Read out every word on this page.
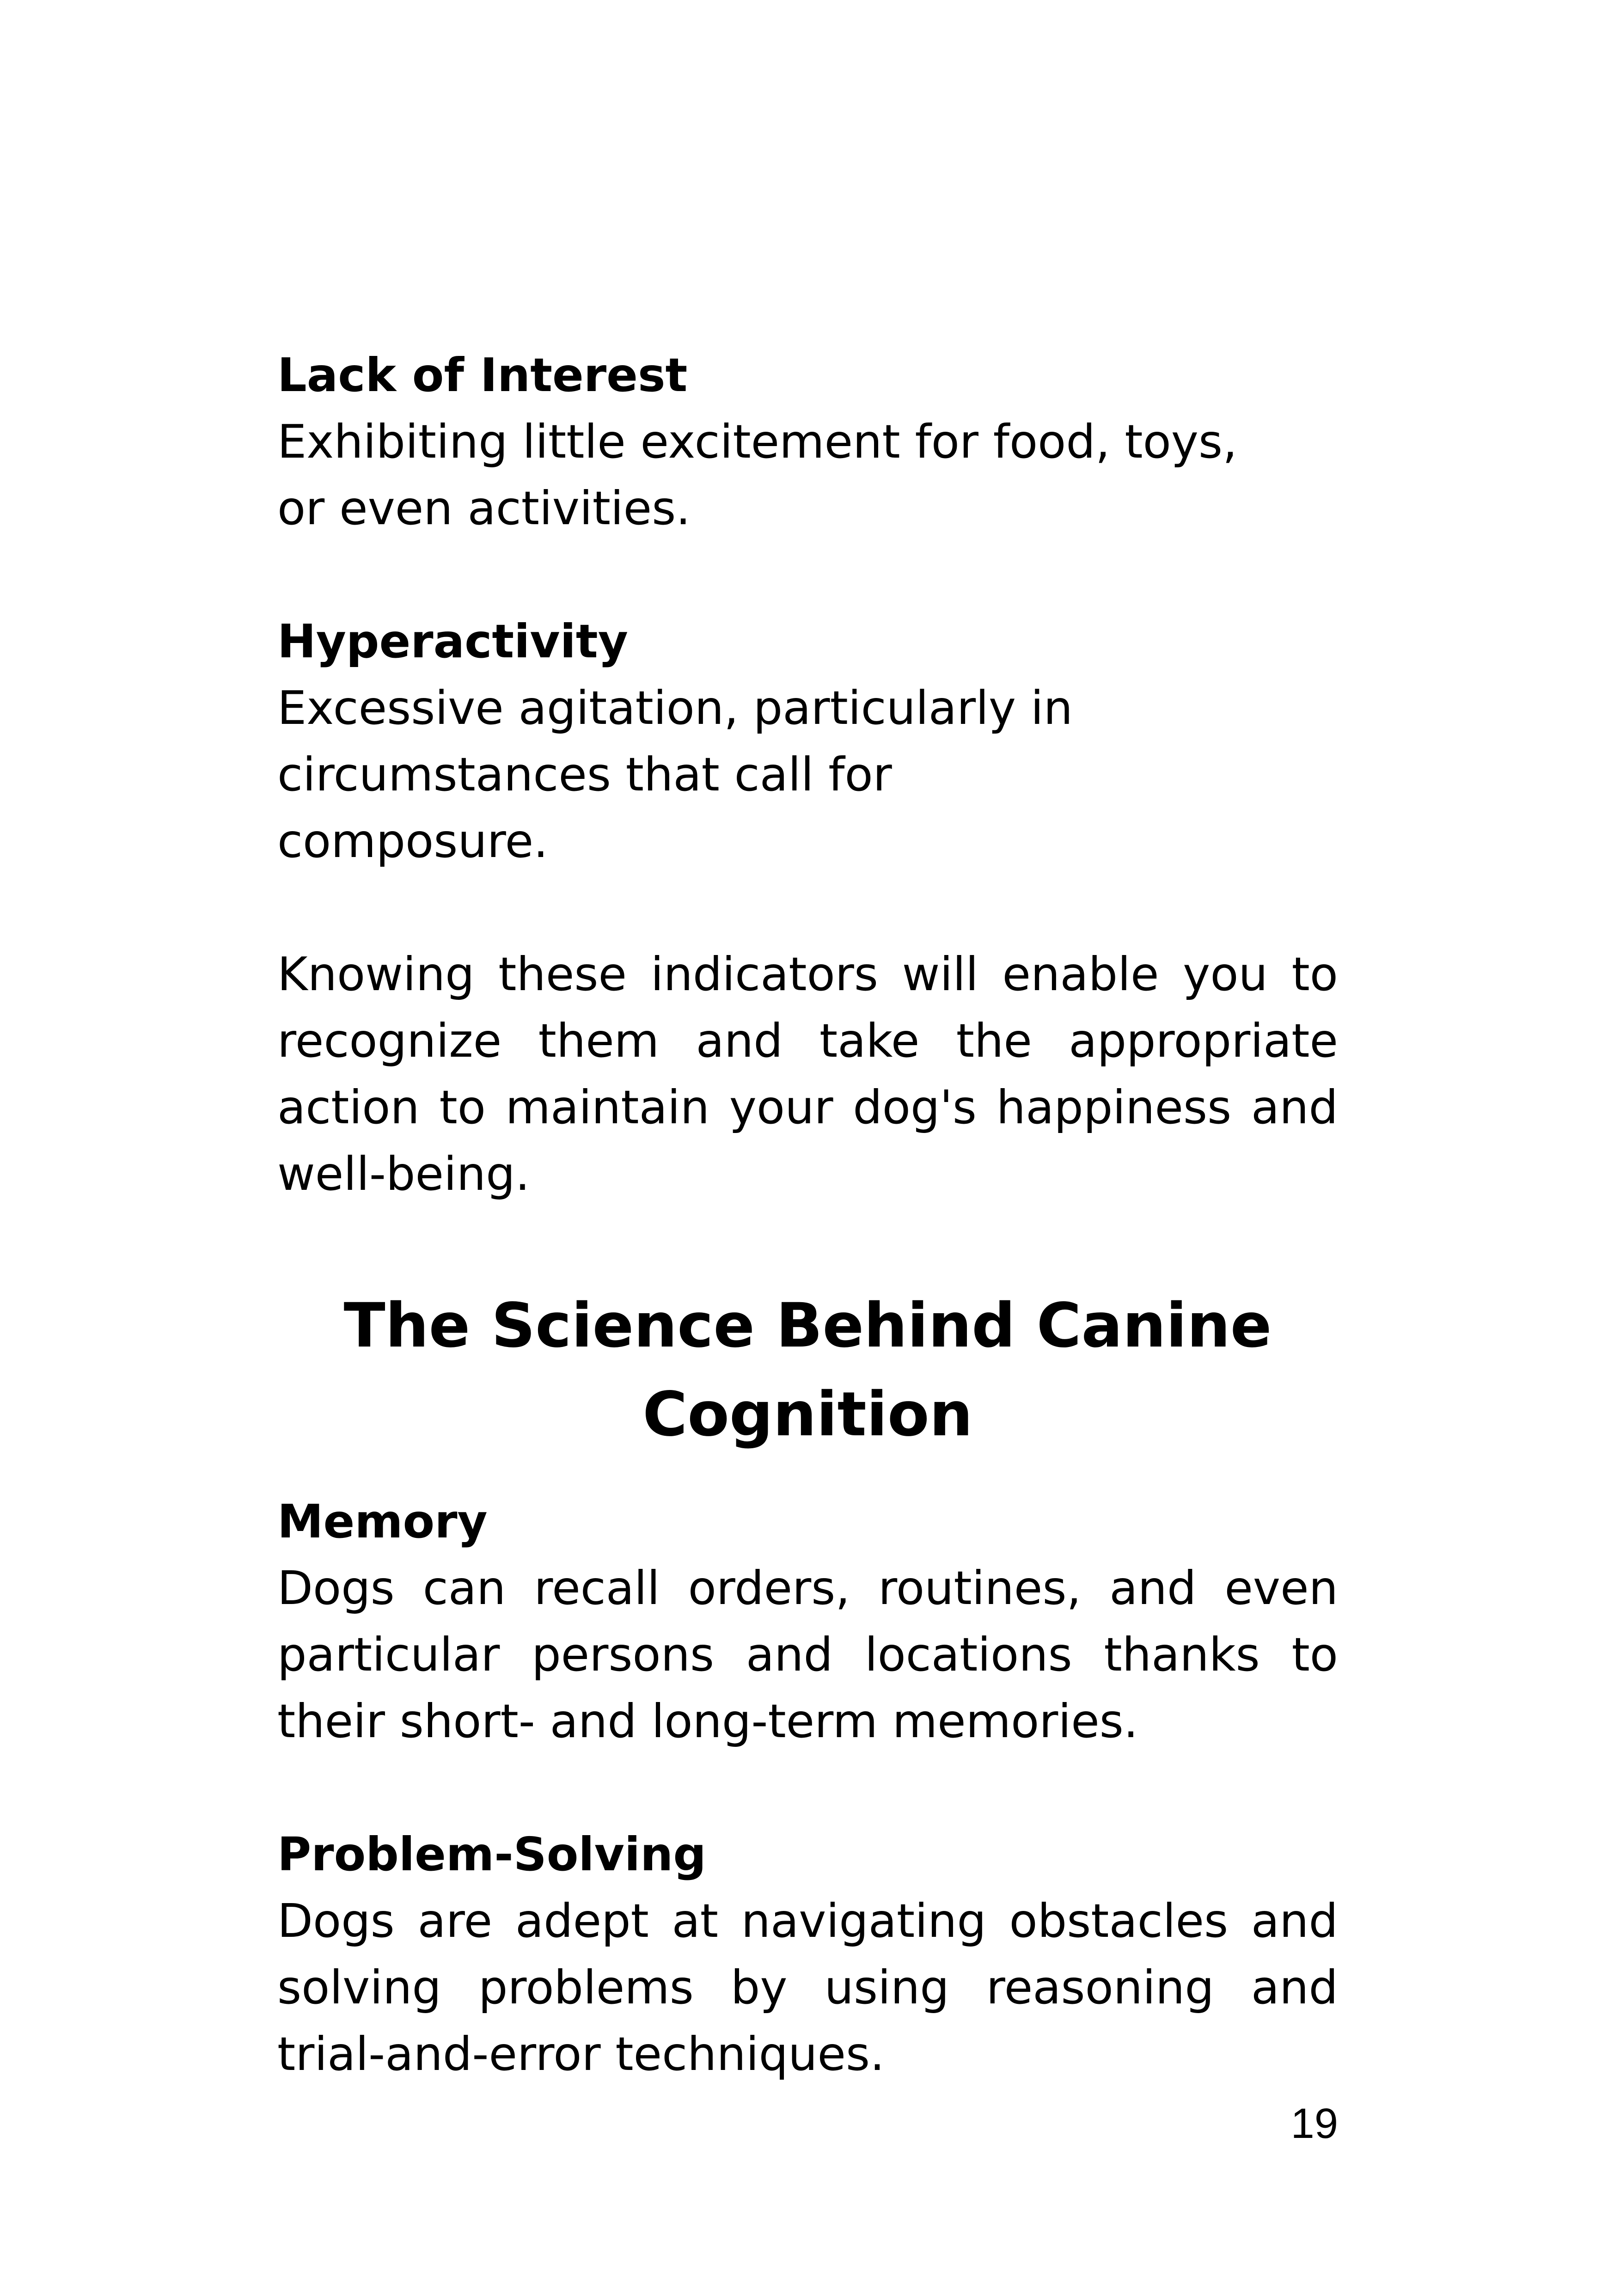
Lack of Interest

Exhibiting little excitement for food, toys, or even activities.

Hyperactivity

Excessive agitation, particularly in circumstances that call for composure.

Knowing these indicators will enable you to recognize them and take the appropriate action to maintain your dog's happiness and well-being.

The Science Behind Canine Cognition

Memory

Dogs can recall orders, routines, and even particular persons and locations thanks to their short- and long-term memories.

Problem-Solving

Dogs are adept at navigating obstacles and solving problems by using reasoning and trial-and-error techniques.

19
